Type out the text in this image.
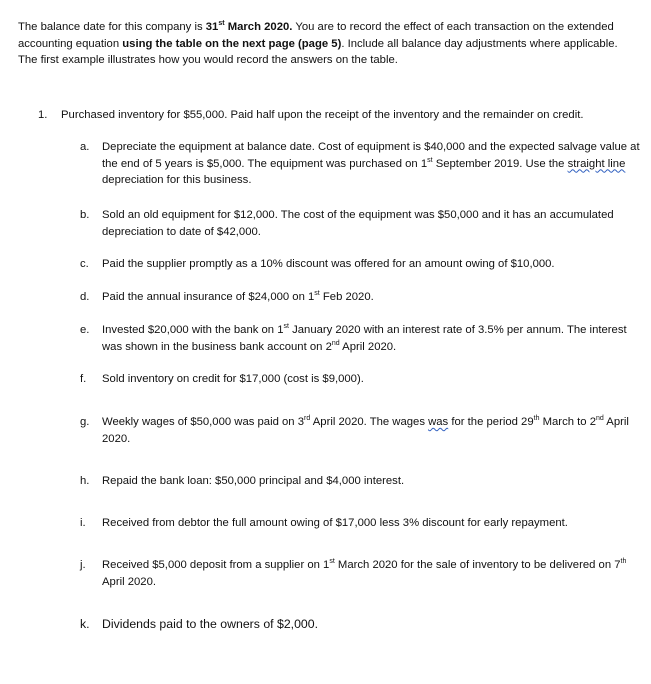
The balance date for this company is 31st March 2020. You are to record the effect of each transaction on the extended accounting equation using the table on the next page (page 5). Include all balance day adjustments where applicable. The first example illustrates how you would record the answers on the table.
1. Purchased inventory for $55,000. Paid half upon the receipt of the inventory and the remainder on credit.
a.	Depreciate the equipment at balance date. Cost of equipment is $40,000 and the expected salvage value at the end of 5 years is $5,000. The equipment was purchased on 1st September 2019. Use the straight line depreciation for this business.
b.	Sold an old equipment for $12,000. The cost of the equipment was $50,000 and it has an accumulated depreciation to date of $42,000.
c.	Paid the supplier promptly as a 10% discount was offered for an amount owing of $10,000.
d.	Paid the annual insurance of $24,000 on 1st Feb 2020.
e.	Invested $20,000 with the bank on 1st January 2020 with an interest rate of 3.5% per annum. The interest was shown in the business bank account on 2nd April 2020.
f.	Sold inventory on credit for $17,000 (cost is $9,000).
g.	Weekly wages of $50,000 was paid on 3rd April 2020. The wages was for the period 29th March to 2nd April 2020.
h.	Repaid the bank loan: $50,000 principal and $4,000 interest.
i.	Received from debtor the full amount owing of $17,000 less 3% discount for early repayment.
j.	Received $5,000 deposit from a supplier on 1st March 2020 for the sale of inventory to be delivered on 7th April 2020.
k.	Dividends paid to the owners of $2,000.
